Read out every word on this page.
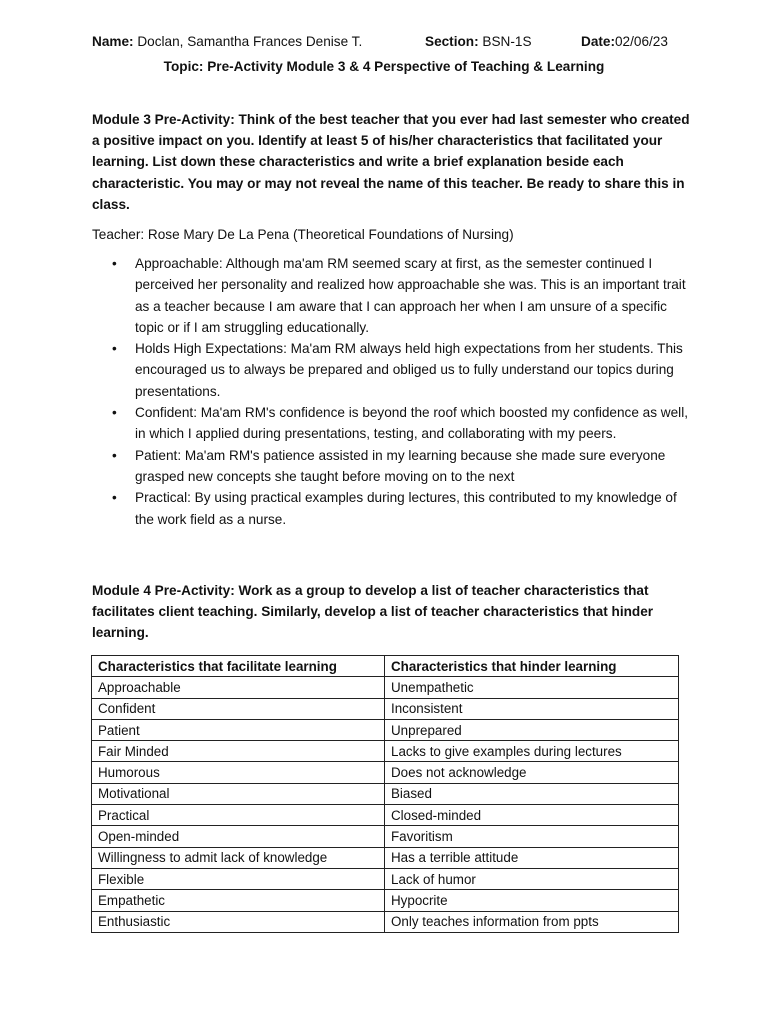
Name: Doclan, Samantha Frances Denise T.	Section: BSN-1S	Date:02/06/23
Topic: Pre-Activity Module 3 & 4 Perspective of Teaching & Learning
Module 3 Pre-Activity: Think of the best teacher that you ever had last semester who created a positive impact on you. Identify at least 5 of his/her characteristics that facilitated your learning. List down these characteristics and write a brief explanation beside each characteristic. You may or may not reveal the name of this teacher. Be ready to share this in class.
Teacher: Rose Mary De La Pena (Theoretical Foundations of Nursing)
• Approachable: Although ma'am RM seemed scary at first, as the semester continued I perceived her personality and realized how approachable she was. This is an important trait as a teacher because I am aware that I can approach her when I am unsure of a specific topic or if I am struggling educationally.
• Holds High Expectations: Ma'am RM always held high expectations from her students. This encouraged us to always be prepared and obliged us to fully understand our topics during presentations.
• Confident: Ma'am RM's confidence is beyond the roof which boosted my confidence as well, in which I applied during presentations, testing, and collaborating with my peers.
• Patient: Ma'am RM's patience assisted in my learning because she made sure everyone grasped new concepts she taught before moving on to the next
• Practical: By using practical examples during lectures, this contributed to my knowledge of the work field as a nurse.
Module 4 Pre-Activity: Work as a group to develop a list of teacher characteristics that facilitates client teaching. Similarly, develop a list of teacher characteristics that hinder learning.
Characteristics that facilitate learning	Characteristics that hinder learning
Approachable	Unempathetic
Confident	Inconsistent
Patient	Unprepared
Fair Minded	Lacks to give examples during lectures
Humorous	Does not acknowledge
Motivational	Biased
Practical	Closed-minded
Open-minded	Favoritism
Willingness to admit lack of knowledge	Has a terrible attitude
Flexible	Lack of humor
Empathetic	Hypocrite
Enthusiastic	Only teaches information from ppts
